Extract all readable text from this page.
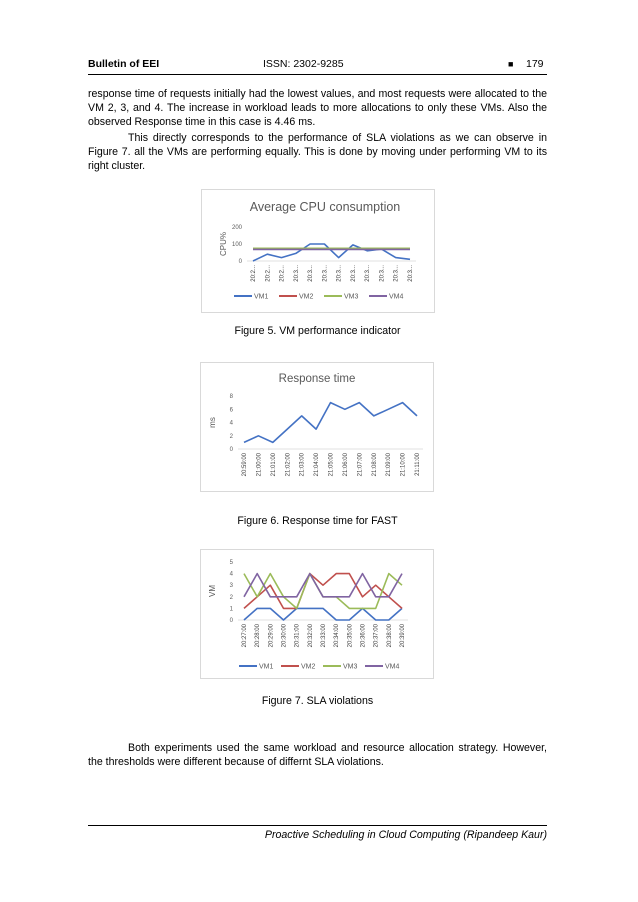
Bulletin of EEI	ISSN: 2302-9285	■ 179

response time of requests initially had the lowest values, and most requests were allocated to the VM 2, 3, and 4. The increase in workload leads to more allocations to only these VMs. Also the observed Response time in this case is 4.46 ms.

This directly corresponds to the performance of SLA violations as we can observe in Figure 7. all the VMs are performing equally. This is done by moving under performing VM to its right cluster.

Average CPU consumption
CPU%
0
100
200
20:2... 20:2... 20:2... 20:3... 20:3... 20:3... 20:3... 20:3... 20:3... 20:3... 20:3... 20:3...
VM1	VM2	VM3	VM4
Figure 5. VM performance indicator
Response time
ms
0
2
4
6
8
20:59:00 21:00:00 21:01:00 21:02:00 21:03:00 21:04:00 21:05:00 21:06:00 21:07:00 21:08:00 21:09:00 21:10:00 21:11:00
Figure 6. Response time for FAST
VM
0
1
2
3
4
5
20:27:00 20:28:00 20:29:00 20:30:00 20:31:00 20:32:00 20:33:00 20:34:00 20:35:00 20:36:00 20:37:00 20:38:00 20:39:00
VM1	VM2	VM3	VM4
Figure 7. SLA violations

Both experiments used the same workload and resource allocation strategy. However, the thresholds were different because of differnt SLA violations.

Proactive Scheduling in Cloud Computing (Ripandeep Kaur)
